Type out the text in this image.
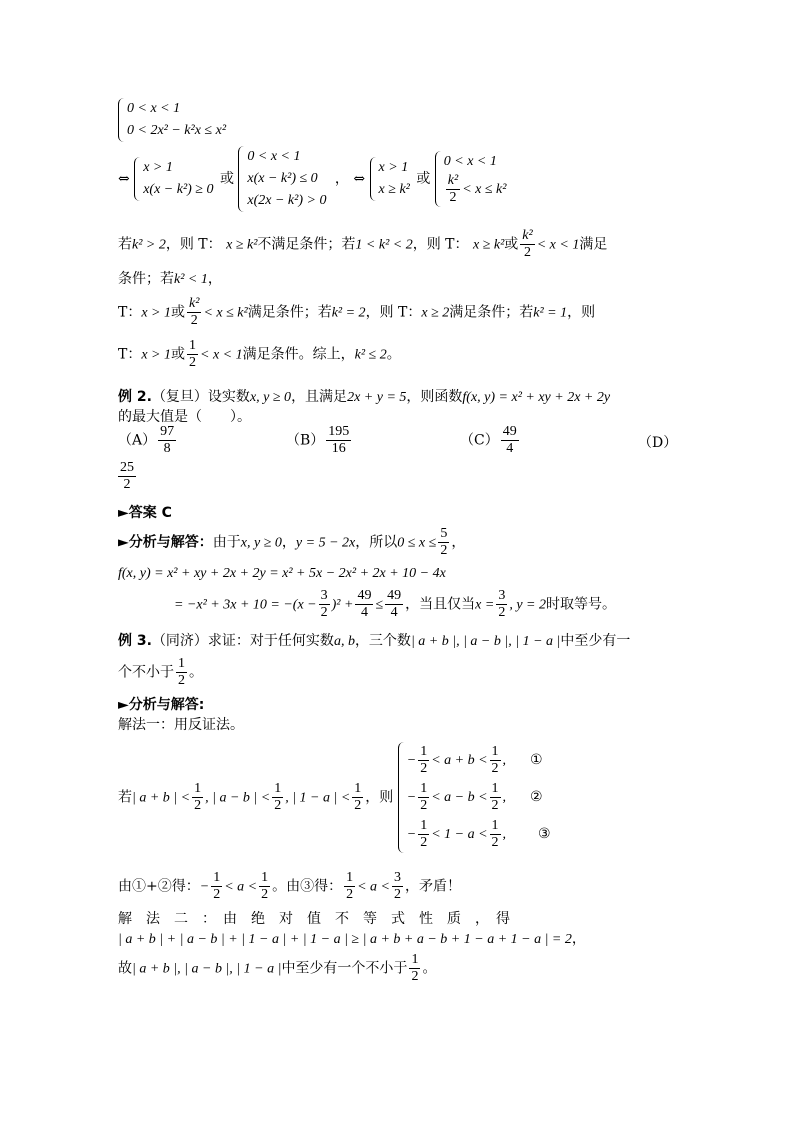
0 < x < 1
0 < 2x² − k²x ≤ x²
⇔
x > 1
x(x − k²) ≥ 0
或
0 < x < 1
x(x − k²) ≤ 0
x(2x − k²) > 0
， ⇔
x > 1
x ≥ k²
或
0 < x < 1
$\frac{\text{k²}}{2} < x \le k^2$
若k² > 2，则 T： x ≥ k²不满足条件；若1 < k² < 2，则 T： x ≥ k²或 $\frac{\text{k²}}{2} < x < 1$满足
条件；若k² < 1，
T：x > 1或 $\frac{\text{k²}}{2} < x \le k^2$满足条件；若k² = 2，则 T：x ≥ 2满足条件；若k² = 1，则
T：x > 1或 $\frac{1}{2} < x < 1$满足条件。综上，k² ≤ 2。
例 2.（复旦）设实数x, y ≥ 0，且满足2x + y = 5，则函数f(x, y) = x² + xy + 2x + 2y
的最大值是（　　）。
$(A) \frac{97}{8}$	$(B) \frac{195}{16}$	$(C) \frac{49}{4}$	（D）
$\frac{25}{2}$
►答案 C
►分析与解答：由于x, y ≥ 0，y = 5 − 2x，所以$0 \le x \le \frac{5}{2}$ ，
f(x, y) = x² + xy + 2x + 2y = x² + 5x − 2x² + 2x + 10 − 4x
= $-x^2 + 3x + 10 = -(x - \frac{3}{2} )^2 + \frac{49}{4} \le \frac{49}{4}$ ，当且仅当$x = \frac{3}{2}$ , y = 2时取等号。
例 3.（同济）求证：对于任何实数a, b，三个数| a + b |, | a − b |, | 1 − a |中至少有一
个不小于 $\frac{1}{2}$ 。
►分析与解答:
解法一：用反证法。
若| a + b | < $\frac{1}{2}$ , | a − b | < $\frac{1}{2}$ , | 1 − a | < $\frac{1}{2}$ ，则
− $\frac{1}{2} < a + b < \frac{1}{2}$ , ①
− $\frac{1}{2} < a - b < \frac{1}{2}$ , ②
− $\frac{1}{2} < 1 - a < \frac{1}{2}$ , ③
由①+②得：− $\frac{1}{2} < a < \frac{1}{2}$ 。由③得： $\frac{1}{2} < a < \frac{3}{2}$ ，矛盾！
解　法　二　：　由　绝　对　值　不　等　式　性　质　，　得
| a + b | + | a − b | + | 1 − a | + | 1 − a | ≥ | a + b + a − b + 1 − a + 1 − a | = 2，
故| a + b |, | a − b |, | 1 − a |中至少有一个不小于 $\frac{1}{2}$ 。
